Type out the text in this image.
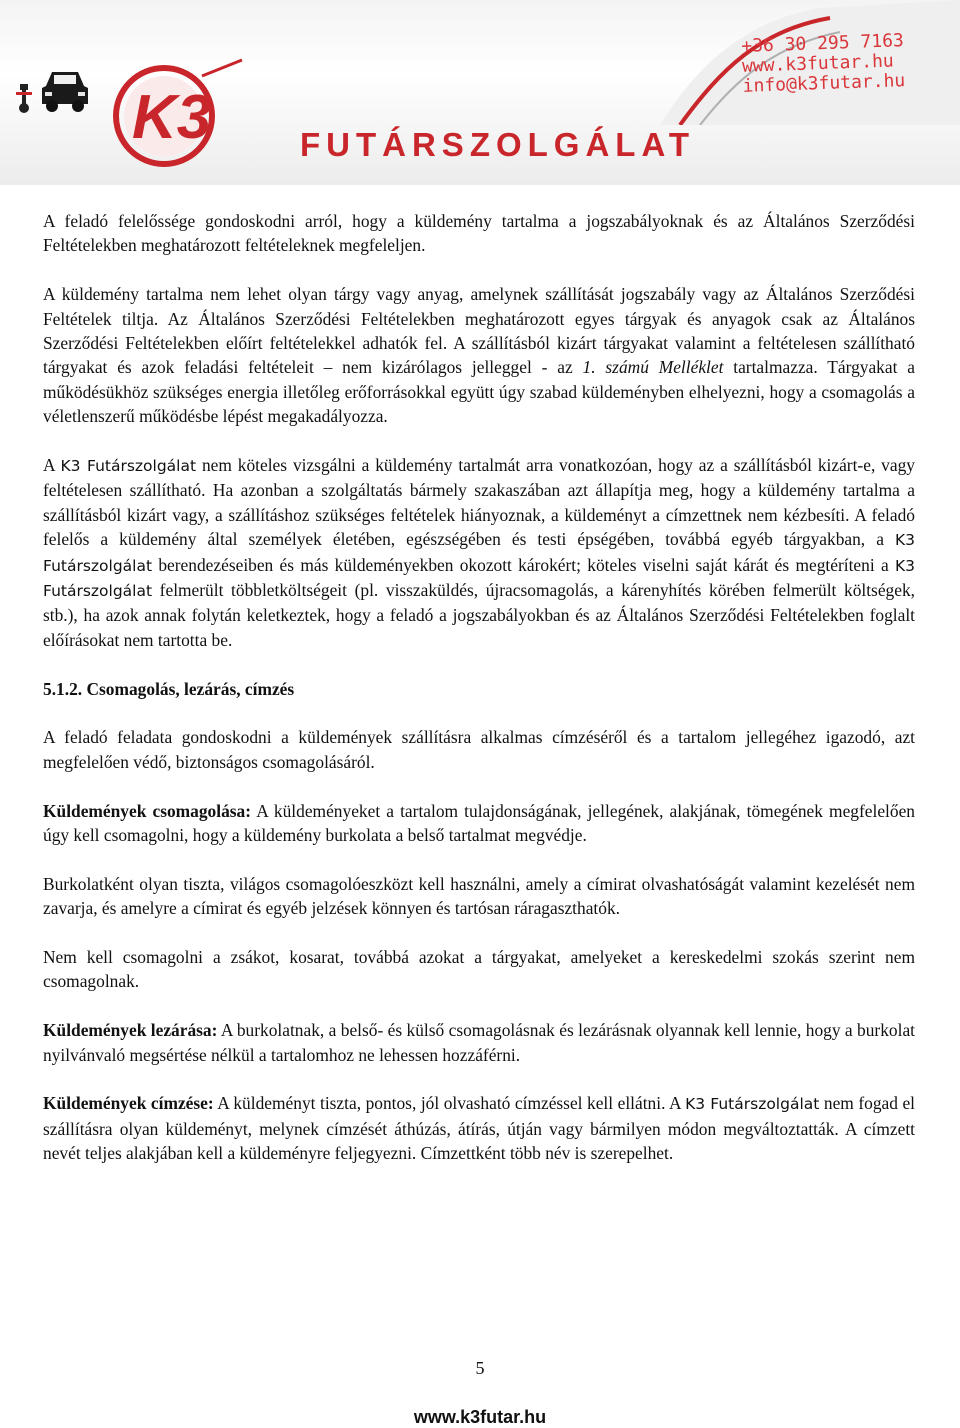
+36 30 295 7163
www.k3futar.hu
info@k3futar.hu
K3	FUTÁRSZOLGÁLAT

A feladó felelőssége gondoskodni arról, hogy a küldemény tartalma a jogszabályoknak és az Általános Szerződési Feltételekben meghatározott feltételeknek megfeleljen.

A küldemény tartalma nem lehet olyan tárgy vagy anyag, amelynek szállítását jogszabály vagy az Általános Szerződési Feltételek tiltja. Az Általános Szerződési Feltételekben meghatározott egyes tárgyak és anyagok csak az Általános Szerződési Feltételekben előírt feltételekkel adhatók fel. A szállításból kizárt tárgyakat valamint a feltételesen szállítható tárgyakat és azok feladási feltételeit – nem kizárólagos jelleggel - az 1. számú Melléklet tartalmazza. Tárgyakat a működésükhöz szükséges energia illetőleg erőforrásokkal együtt úgy szabad küldeményben elhelyezni, hogy a csomagolás a véletlenszerű működésbe lépést megakadályozza.

A K3 Futárszolgálat nem köteles vizsgálni a küldemény tartalmát arra vonatkozóan, hogy az a szállításból kizárt-e, vagy feltételesen szállítható. Ha azonban a szolgáltatás bármely szakaszában azt állapítja meg, hogy a küldemény tartalma a szállításból kizárt vagy, a szállításhoz szükséges feltételek hiányoznak, a küldeményt a címzettnek nem kézbesíti. A feladó felelős a küldemény által személyek életében, egészségében és testi épségében, továbbá egyéb tárgyakban, a K3 Futárszolgálat berendezéseiben és más küldeményekben okozott károkért; köteles viselni saját kárát és megtéríteni a K3 Futárszolgálat felmerült többletköltségeit (pl. visszaküldés, újracsomagolás, a kárenyhítés körében felmerült költségek, stb.), ha azok annak folytán keletkeztek, hogy a feladó a jogszabályokban és az Általános Szerződési Feltételekben foglalt előírásokat nem tartotta be.

5.1.2. Csomagolás, lezárás, címzés

A feladó feladata gondoskodni a küldemények szállításra alkalmas címzéséről és a tartalom jellegéhez igazodó, azt megfelelően védő, biztonságos csomagolásáról.

Küldemények csomagolása: A küldeményeket a tartalom tulajdonságának, jellegének, alakjának, tömegének megfelelően úgy kell csomagolni, hogy a küldemény burkolata a belső tartalmat megvédje.

Burkolatként olyan tiszta, világos csomagolóeszközt kell használni, amely a címirat olvashatóságát valamint kezelését nem zavarja, és amelyre a címirat és egyéb jelzések könnyen és tartósan ráragaszthatók.

Nem kell csomagolni a zsákot, kosarat, továbbá azokat a tárgyakat, amelyeket a kereskedelmi szokás szerint nem csomagolnak.

Küldemények lezárása: A burkolatnak, a belső- és külső csomagolásnak és lezárásnak olyannak kell lennie, hogy a burkolat nyilvánvaló megsértése nélkül a tartalomhoz ne lehessen hozzáférni.

Küldemények címzése: A küldeményt tiszta, pontos, jól olvasható címzéssel kell ellátni. A K3 Futárszolgálat nem fogad el szállításra olyan küldeményt, melynek címzését áthúzás, átírás, útján vagy bármilyen módon megváltoztatták. A címzett nevét teljes alakjában kell a küldeményre feljegyezni. Címzettként több név is szerepelhet.

5
www.k3futar.hu
